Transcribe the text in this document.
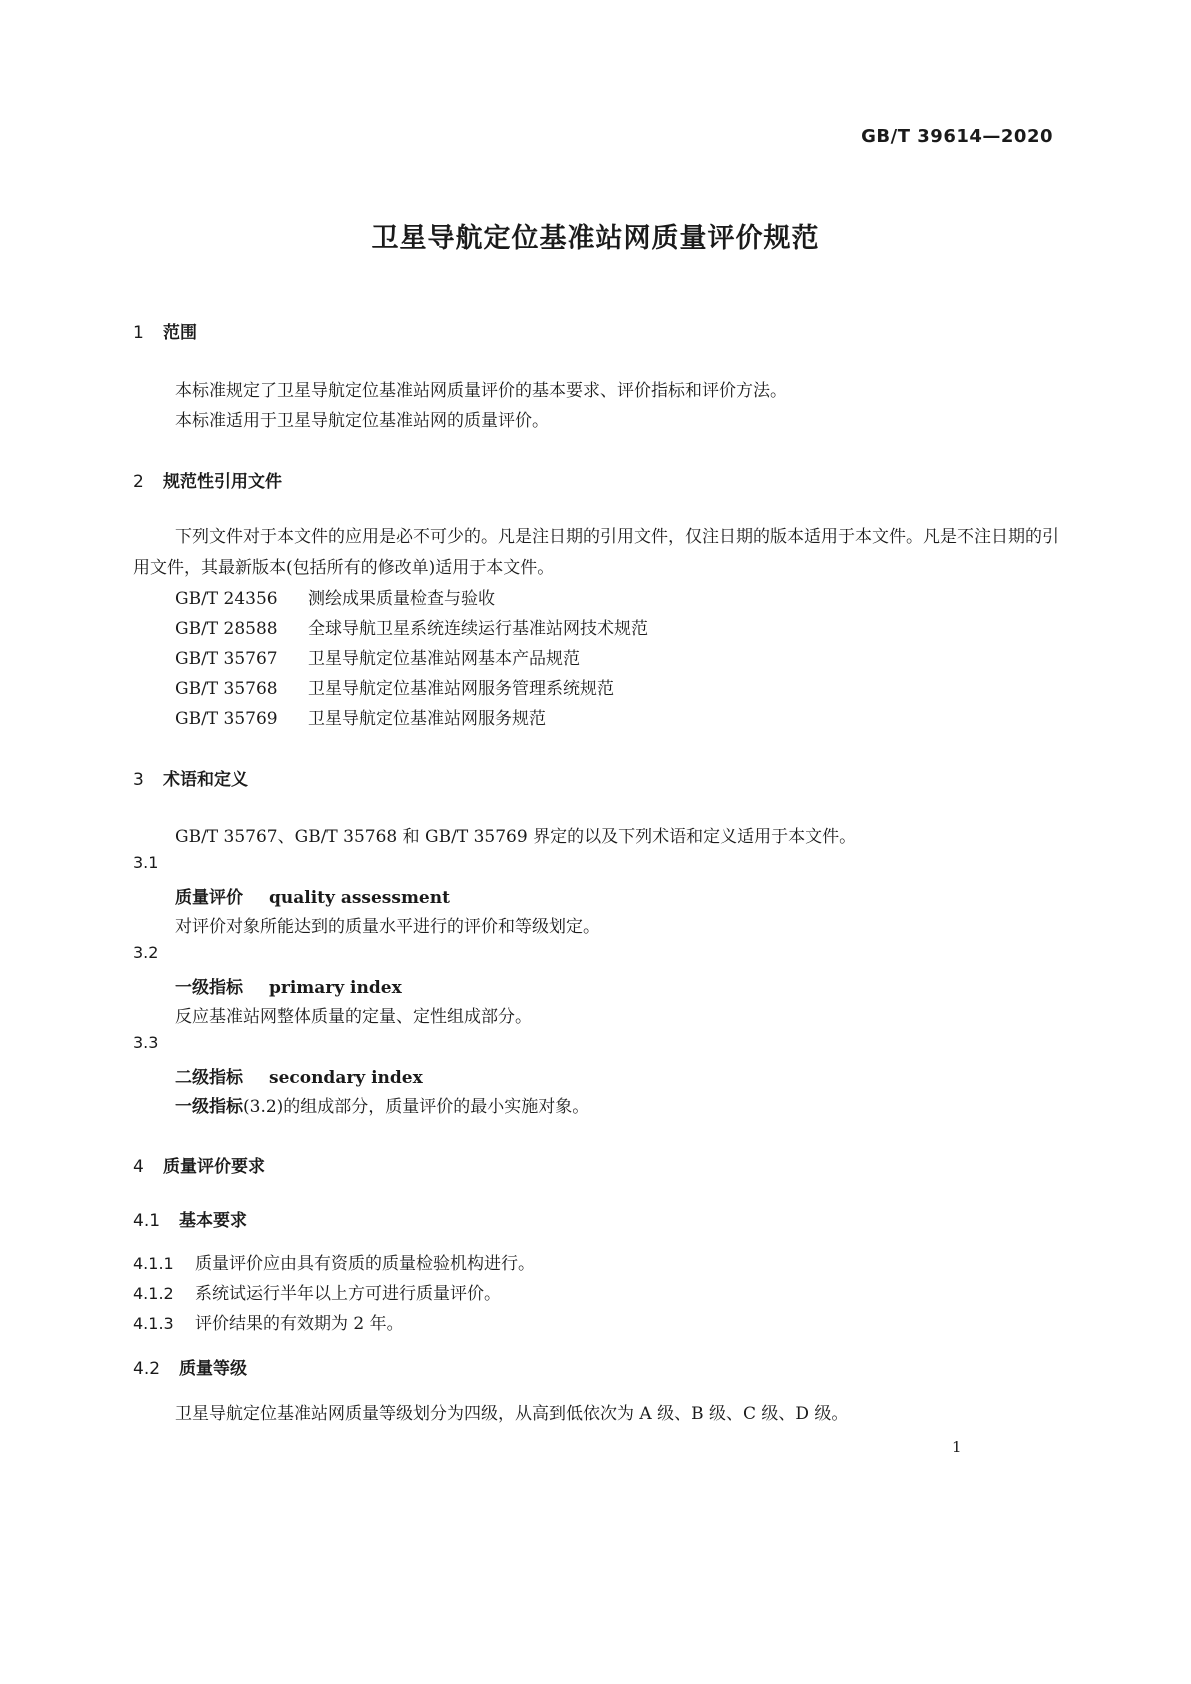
GB/T 39614—2020
卫星导航定位基准站网质量评价规范
1 范围
本标准规定了卫星导航定位基准站网质量评价的基本要求、评价指标和评价方法。
本标准适用于卫星导航定位基准站网的质量评价。
2 规范性引用文件
下列文件对于本文件的应用是必不可少的。凡是注日期的引用文件，仅注日期的版本适用于本文件。凡是不注日期的引用文件，其最新版本(包括所有的修改单)适用于本文件。
GB/T 24356 测绘成果质量检查与验收
GB/T 28588 全球导航卫星系统连续运行基准站网技术规范
GB/T 35767 卫星导航定位基准站网基本产品规范
GB/T 35768 卫星导航定位基准站网服务管理系统规范
GB/T 35769 卫星导航定位基准站网服务规范
3 术语和定义
GB/T 35767、GB/T 35768 和 GB/T 35769 界定的以及下列术语和定义适用于本文件。
3.1
质量评价 quality assessment
对评价对象所能达到的质量水平进行的评价和等级划定。
3.2
一级指标 primary index
反应基准站网整体质量的定量、定性组成部分。
3.3
二级指标 secondary index
一级指标(3.2)的组成部分，质量评价的最小实施对象。
4 质量评价要求
4.1 基本要求
4.1.1 质量评价应由具有资质的质量检验机构进行。
4.1.2 系统试运行半年以上方可进行质量评价。
4.1.3 评价结果的有效期为 2 年。
4.2 质量等级
卫星导航定位基准站网质量等级划分为四级，从高到低依次为 A 级、B 级、C 级、D 级。
1
